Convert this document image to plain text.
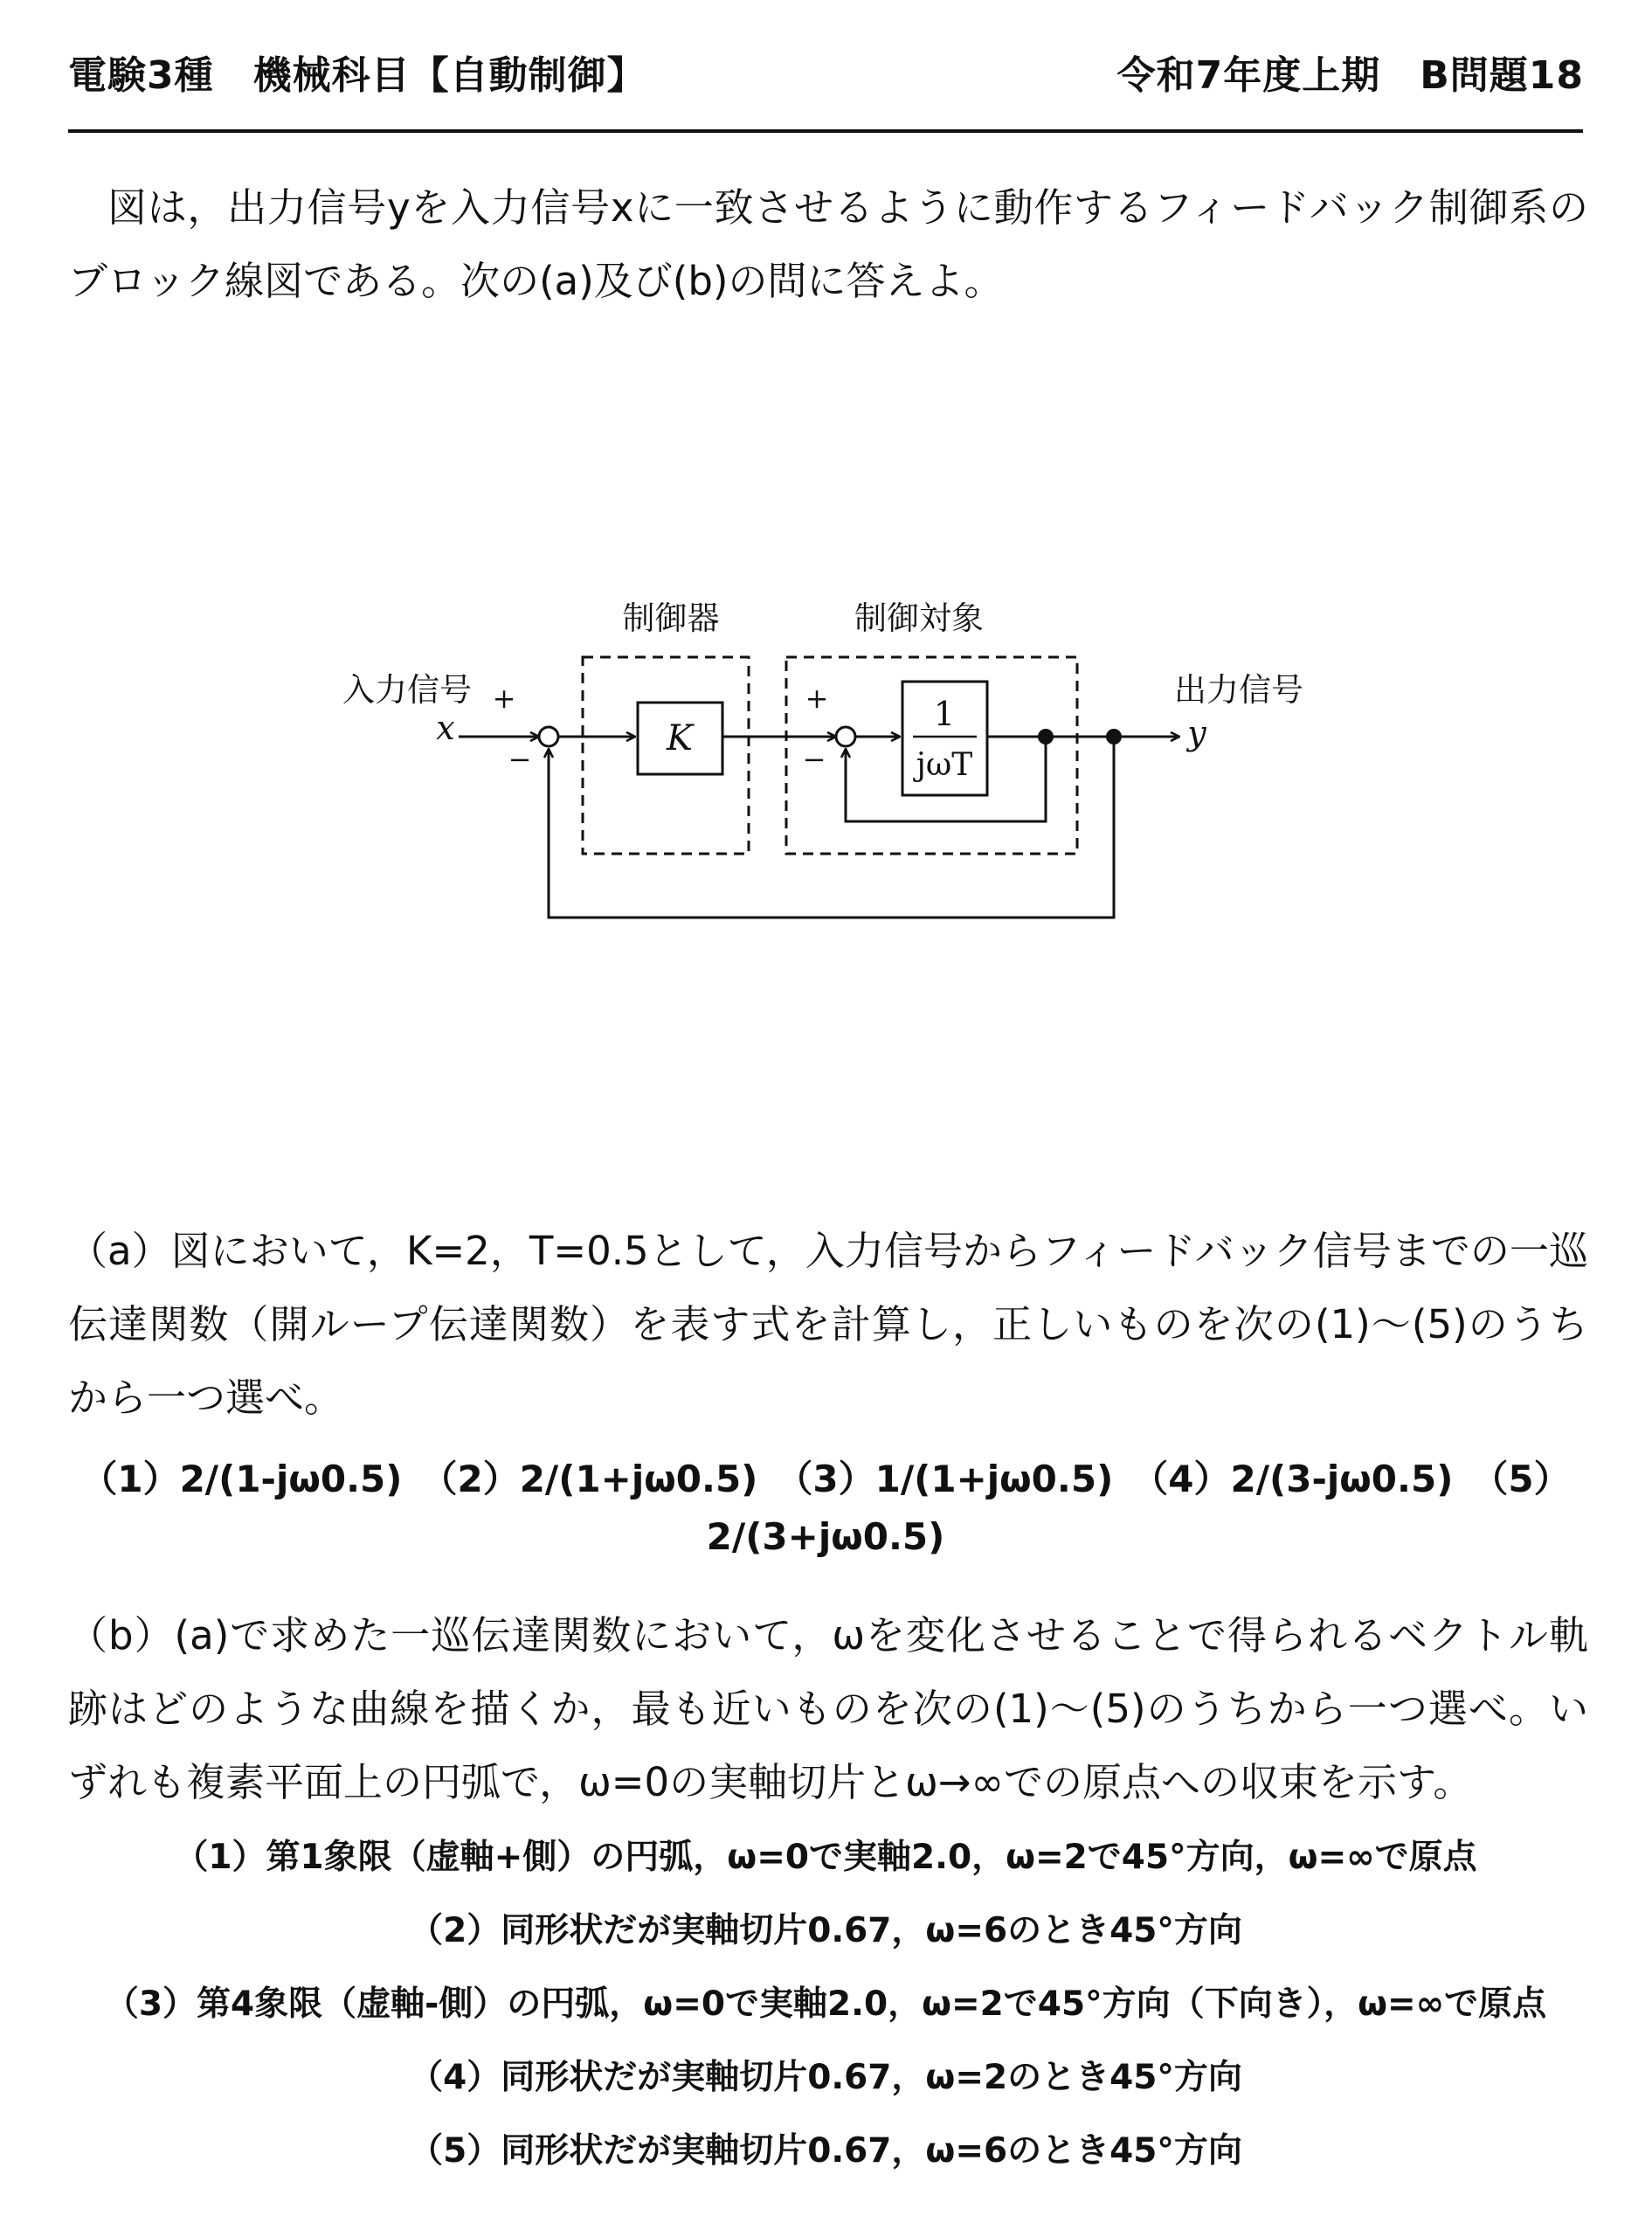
電験3種　機械科目【自動制御】	令和7年度上期　B問題18
図は，出力信号yを入力信号xに一致させるように動作するフィードバック制御系のブロック線図である。次の(a)及び(b)の問に答えよ。
制御器	制御対象
入力信号
x
+
−
K
+
−
1
jωT
出力信号
y
（a）図において，K=2，T=0.5として，入力信号からフィードバック信号までの一巡伝達関数（開ループ伝達関数）を表す式を計算し，正しいものを次の(1)〜(5)のうちから一つ選べ。
（1）2/(1-jω0.5)　（2）2/(1+jω0.5)　（3）1/(1+jω0.5)　（4）2/(3-jω0.5)　（5）2/(3+jω0.5)
（b）(a)で求めた一巡伝達関数において，ωを変化させることで得られるベクトル軌跡はどのような曲線を描くか，最も近いものを次の(1)〜(5)のうちから一つ選べ。いずれも複素平面上の円弧で，ω=0の実軸切片とω→∞での原点への収束を示す。
（1）第1象限（虚軸+側）の円弧，ω=0で実軸2.0，ω=2で45°方向，ω=∞で原点
（2）同形状だが実軸切片0.67，ω=6のとき45°方向
（3）第4象限（虚軸-側）の円弧，ω=0で実軸2.0，ω=2で45°方向（下向き），ω=∞で原点
（4）同形状だが実軸切片0.67，ω=2のとき45°方向
（5）同形状だが実軸切片0.67，ω=6のとき45°方向
